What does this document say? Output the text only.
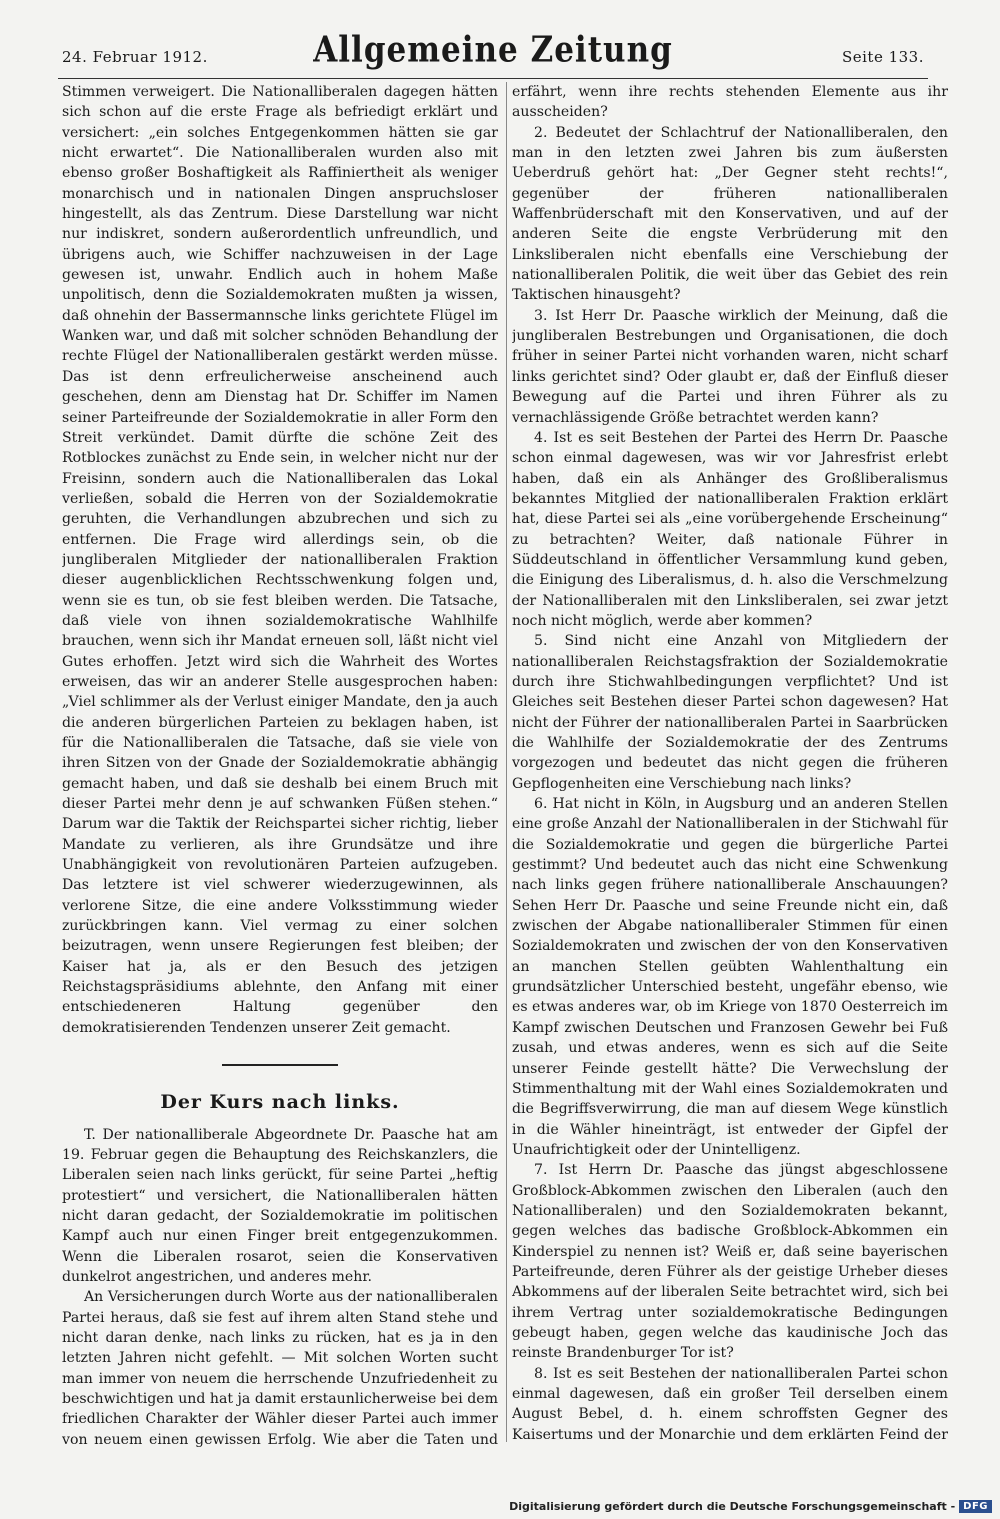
24. Februar 1912.	Allgemeine Zeitung	Seite 133.

Stimmen verweigert. Die Nationalliberalen dagegen hätten sich schon auf die erste Frage als befriedigt erklärt und versichert: „ein solches Entgegenkommen hätten sie gar nicht erwartet“. Die Nationalliberalen wurden also mit ebenso großer Boshaftigkeit als Raffiniertheit als weniger monarchisch und in nationalen Dingen anspruchsloser hingestellt, als das Zentrum. Diese Darstellung war nicht nur indiskret, sondern außerordentlich unfreundlich, und übrigens auch, wie Schiffer nachzuweisen in der Lage gewesen ist, unwahr. Endlich auch in hohem Maße unpolitisch, denn die Sozialdemokraten mußten ja wissen, daß ohnehin der Bassermannsche links gerichtete Flügel im Wanken war, und daß mit solcher schnöden Behandlung der rechte Flügel der Nationalliberalen gestärkt werden müsse. Das ist denn erfreulicherweise anscheinend auch geschehen, denn am Dienstag hat Dr. Schiffer im Namen seiner Parteifreunde der Sozialdemokratie in aller Form den Streit verkündet. Damit dürfte die schöne Zeit des Rotblockes zunächst zu Ende sein, in welcher nicht nur der Freisinn, sondern auch die Nationalliberalen das Lokal verließen, sobald die Herren von der Sozialdemokratie geruhten, die Verhandlungen abzubrechen und sich zu entfernen. Die Frage wird allerdings sein, ob die jungliberalen Mitglieder der nationalliberalen Fraktion dieser augenblicklichen Rechtsschwenkung folgen und, wenn sie es tun, ob sie fest bleiben werden. Die Tatsache, daß viele von ihnen sozialdemokratische Wahlhilfe brauchen, wenn sich ihr Mandat erneuen soll, läßt nicht viel Gutes erhoffen. Jetzt wird sich die Wahrheit des Wortes erweisen, das wir an anderer Stelle ausgesprochen haben: „Viel schlimmer als der Verlust einiger Mandate, den ja auch die anderen bürgerlichen Parteien zu beklagen haben, ist für die Nationalliberalen die Tatsache, daß sie viele von ihren Sitzen von der Gnade der Sozialdemokratie abhängig gemacht haben, und daß sie deshalb bei einem Bruch mit dieser Partei mehr denn je auf schwanken Füßen stehen.“ Darum war die Taktik der Reichspartei sicher richtig, lieber Mandate zu verlieren, als ihre Grundsätze und ihre Unabhängigkeit von revolutionären Parteien aufzugeben. Das letztere ist viel schwerer wiederzugewinnen, als verlorene Sitze, die eine andere Volksstimmung wieder zurückbringen kann. Viel vermag zu einer solchen beizutragen, wenn unsere Regierungen fest bleiben; der Kaiser hat ja, als er den Besuch des jetzigen Reichstagspräsidiums ablehnte, den Anfang mit einer entschiedeneren Haltung gegenüber den demokratisierenden Tendenzen unserer Zeit gemacht.

Der Kurs nach links.

T. Der nationalliberale Abgeordnete Dr. Paasche hat am 19. Februar gegen die Behauptung des Reichskanzlers, die Liberalen seien nach links gerückt, für seine Partei „heftig protestiert“ und versichert, die Nationalliberalen hätten nicht daran gedacht, der Sozialdemokratie im politischen Kampf auch nur einen Finger breit entgegenzukommen. Wenn die Liberalen rosarot, seien die Konservativen dunkelrot angestrichen, und anderes mehr.

An Versicherungen durch Worte aus der nationalliberalen Partei heraus, daß sie fest auf ihrem alten Stand stehe und nicht daran denke, nach links zu rücken, hat es ja in den letzten Jahren nicht gefehlt. — Mit solchen Worten sucht man immer von neuem die herrschende Unzufriedenheit zu beschwichtigen und hat ja damit erstaunlicherweise bei dem friedlichen Charakter der Wähler dieser Partei auch immer von neuem einen gewissen Erfolg. Wie aber die Taten und

erfährt, wenn ihre rechts stehenden Elemente aus ihr ausscheiden?

2. Bedeutet der Schlachtruf der Nationalliberalen, den man in den letzten zwei Jahren bis zum äußersten Ueberdruß gehört hat: „Der Gegner steht rechts!“, gegenüber der früheren nationalliberalen Waffenbrüderschaft mit den Konservativen, und auf der anderen Seite die engste Verbrüderung mit den Linksliberalen nicht ebenfalls eine Verschiebung der nationalliberalen Politik, die weit über das Gebiet des rein Taktischen hinausgeht?

3. Ist Herr Dr. Paasche wirklich der Meinung, daß die jungliberalen Bestrebungen und Organisationen, die doch früher in seiner Partei nicht vorhanden waren, nicht scharf links gerichtet sind? Oder glaubt er, daß der Einfluß dieser Bewegung auf die Partei und ihren Führer als zu vernachlässigende Größe betrachtet werden kann?

4. Ist es seit Bestehen der Partei des Herrn Dr. Paasche schon einmal dagewesen, was wir vor Jahresfrist erlebt haben, daß ein als Anhänger des Großliberalismus bekanntes Mitglied der nationalliberalen Fraktion erklärt hat, diese Partei sei als „eine vorübergehende Erscheinung“ zu betrachten? Weiter, daß nationale Führer in Süddeutschland in öffentlicher Versammlung kund geben, die Einigung des Liberalismus, d. h. also die Verschmelzung der Nationalliberalen mit den Linksliberalen, sei zwar jetzt noch nicht möglich, werde aber kommen?

5. Sind nicht eine Anzahl von Mitgliedern der nationalliberalen Reichstagsfraktion der Sozialdemokratie durch ihre Stichwahlbedingungen verpflichtet? Und ist Gleiches seit Bestehen dieser Partei schon dagewesen? Hat nicht der Führer der nationalliberalen Partei in Saarbrücken die Wahlhilfe der Sozialdemokratie der des Zentrums vorgezogen und bedeutet das nicht gegen die früheren Gepflogenheiten eine Verschiebung nach links?

6. Hat nicht in Köln, in Augsburg und an anderen Stellen eine große Anzahl der Nationalliberalen in der Stichwahl für die Sozialdemokratie und gegen die bürgerliche Partei gestimmt? Und bedeutet auch das nicht eine Schwenkung nach links gegen frühere nationalliberale Anschauungen? Sehen Herr Dr. Paasche und seine Freunde nicht ein, daß zwischen der Abgabe nationalliberaler Stimmen für einen Sozialdemokraten und zwischen der von den Konservativen an manchen Stellen geübten Wahlenthaltung ein grundsätzlicher Unterschied besteht, ungefähr ebenso, wie es etwas anderes war, ob im Kriege von 1870 Oesterreich im Kampf zwischen Deutschen und Franzosen Gewehr bei Fuß zusah, und etwas anderes, wenn es sich auf die Seite unserer Feinde gestellt hätte? Die Verwechslung der Stimmenthaltung mit der Wahl eines Sozialdemokraten und die Begriffsverwirrung, die man auf diesem Wege künstlich in die Wähler hineinträgt, ist entweder der Gipfel der Unaufrichtigkeit oder der Unintelligenz.

7. Ist Herrn Dr. Paasche das jüngst abgeschlossene Großblock-Abkommen zwischen den Liberalen (auch den Nationalliberalen) und den Sozialdemokraten bekannt, gegen welches das badische Großblock-Abkommen ein Kinderspiel zu nennen ist? Weiß er, daß seine bayerischen Parteifreunde, deren Führer als der geistige Urheber dieses Abkommens auf der liberalen Seite betrachtet wird, sich bei ihrem Vertrag unter sozialdemokratische Bedingungen gebeugt haben, gegen welche das kaudinische Joch das reinste Brandenburger Tor ist?

8. Ist es seit Bestehen der nationalliberalen Partei schon einmal dagewesen, daß ein großer Teil derselben einem August Bebel, d. h. einem schroffsten Gegner des Kaisertums und der Monarchie und dem erklärten Feind der

Digitalisierung gefördert durch die Deutsche Forschungsgemeinschaft - DFG
